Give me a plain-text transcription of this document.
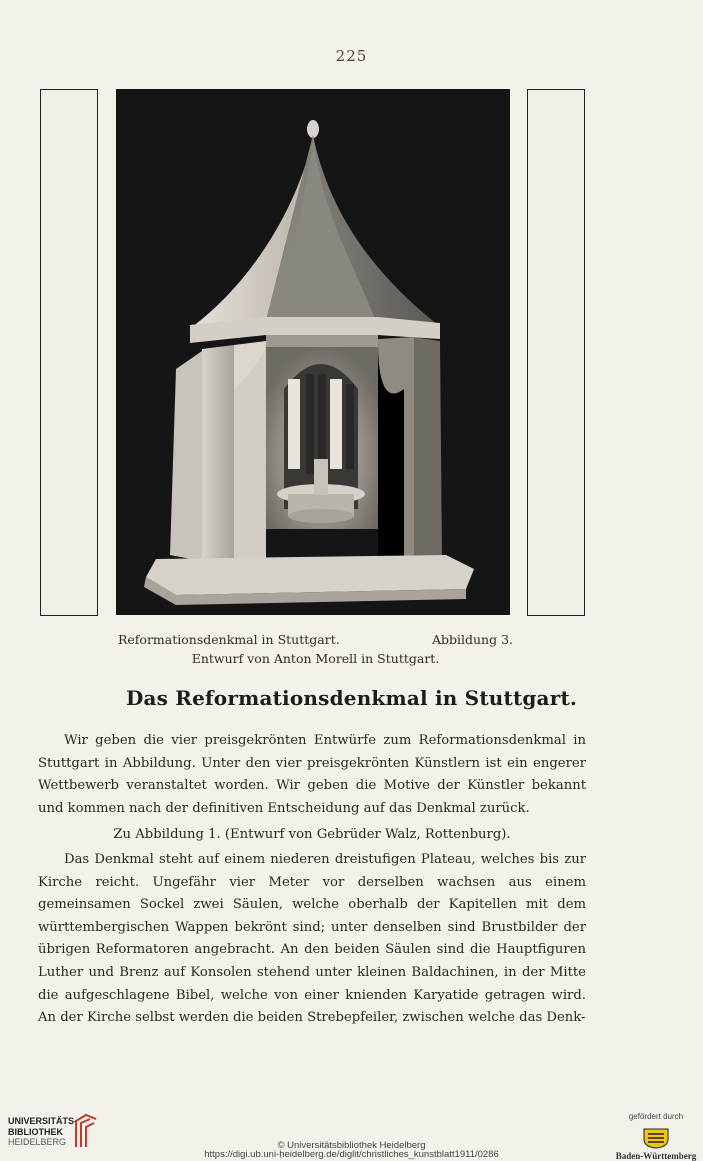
225
Reformationsdenkmal in Stuttgart.	Abbildung 3.
Entwurf von Anton Morell in Stuttgart.
Das Reformationsdenkmal in Stuttgart.

Wir geben die vier preisgekrönten Entwürfe zum Reformationsdenkmal in Stuttgart in Abbildung. Unter den vier preisgekrönten Künstlern ist ein engerer Wettbewerb veranstaltet worden. Wir geben die Motive der Künstler bekannt und kommen nach der definitiven Entscheidung auf das Denkmal zurück.

Zu Abbildung 1. (Entwurf von Gebrüder Walz, Rottenburg).

Das Denkmal steht auf einem niederen dreistufigen Plateau, welches bis zur Kirche reicht. Ungefähr vier Meter vor derselben wachsen aus einem gemeinsamen Sockel zwei Säulen, welche oberhalb der Kapitellen mit dem württembergischen Wappen bekrönt sind; unter denselben sind Brustbilder der übrigen Reformatoren angebracht. An den beiden Säulen sind die Hauptfiguren Luther und Brenz auf Konsolen stehend unter kleinen Baldachinen, in der Mitte die aufgeschlagene Bibel, welche von einer knienden Karyatide getragen wird. An der Kirche selbst werden die beiden Strebepfeiler, zwischen welche das Denk-

UNIVERSITÄTS-
BIBLIOTHEK
HEIDELBERG	© Universitätsbibliothek Heidelberg
https://digi.ub.uni-heidelberg.de/diglit/christliches_kunstblatt1911/0286
gefördert durch
Baden-Württemberg
